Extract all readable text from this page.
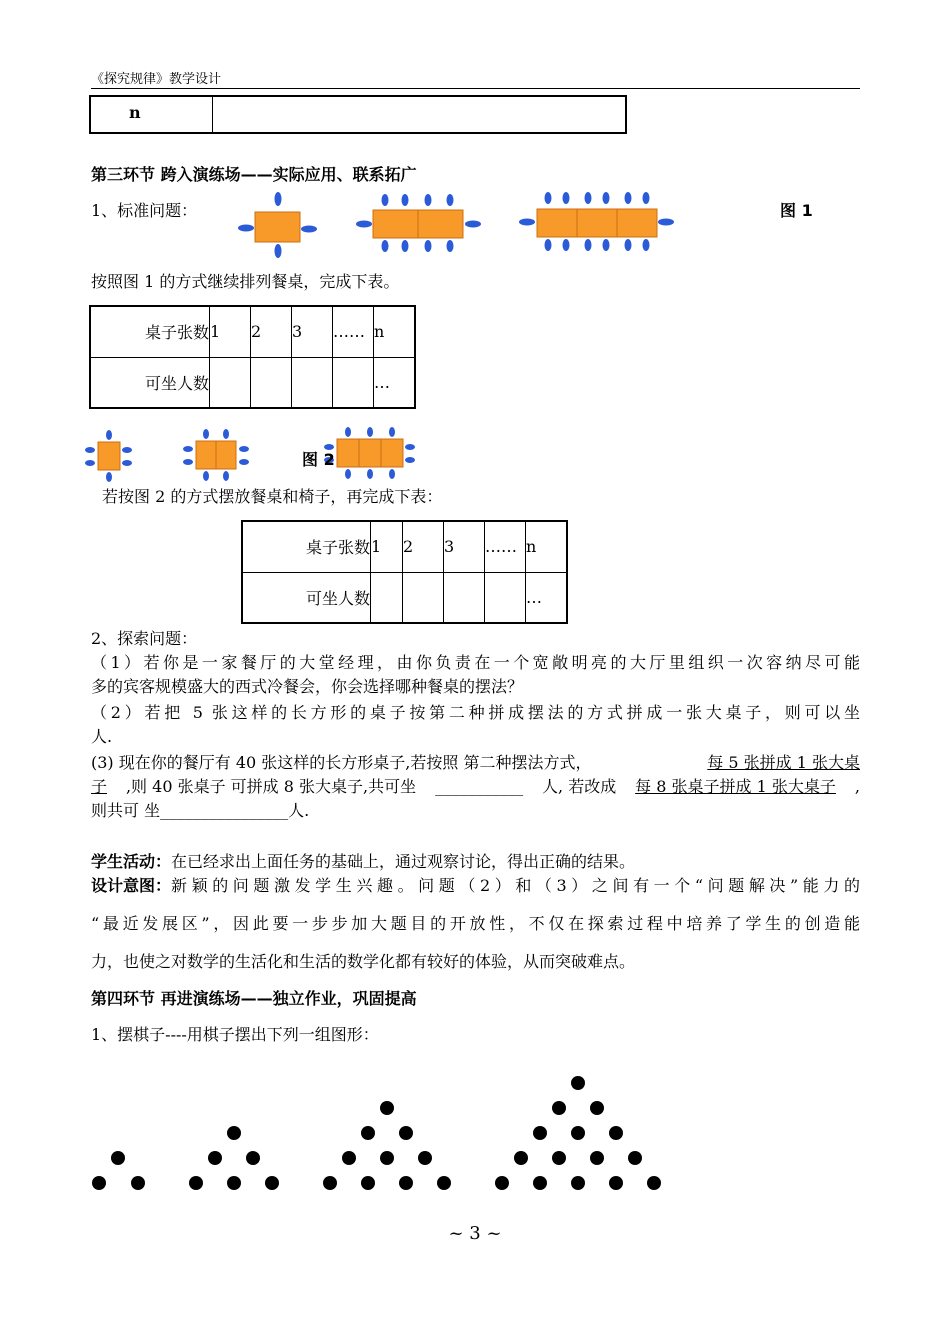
《探究规律》教学设计
n	
第三环节 跨入演练场——实际应用、联系拓广
1、标准问题：	图 1
按照图 1 的方式继续排列餐桌，完成下表。
桌子张数	1	2	3	……	n
可坐人数					…
图 2
若按图 2 的方式摆放餐桌和椅子，再完成下表：
桌子张数	1	2	3	……	n
可坐人数					…
2、探索问题：
（1）若你是一家餐厅的大堂经理，由你负责在一个宽敞明亮的大厅里组织一次容纳尽可能
多的宾客规模盛大的西式冷餐会，你会选择哪种餐桌的摆法？
（2）若把 5 张这样的长方形的桌子按第二种拼成摆法的方式拼成一张大桌子，则可以坐
人.
(3) 现在你的餐厅有 40 张这样的长方形桌子,若按照 第二种摆法方式，	每 5 张拼成 1 张大桌
子 ,则 40 张桌子 可拼成 8 张大桌子,共可坐 ___________ 人, 若改成 每 8 张桌子拼成 1 张大桌子 ,
则共可 坐________________人.
学生活动：在已经求出上面任务的基础上，通过观察讨论，得出正确的结果。
设计意图： 新颖的问题激发学生兴趣。问题（2）和（3）之间有一个“问题解决”能力的
“最近发展区”，因此要一步步加大题目的开放性，不仅在探索过程中培养了学生的创造能
力，也使之对数学的生活化和生活的数学化都有较好的体验，从而突破难点。
第四环节 再进演练场——独立作业，巩固提高
1、摆棋子----用棋子摆出下列一组图形：
~ 3 ~
